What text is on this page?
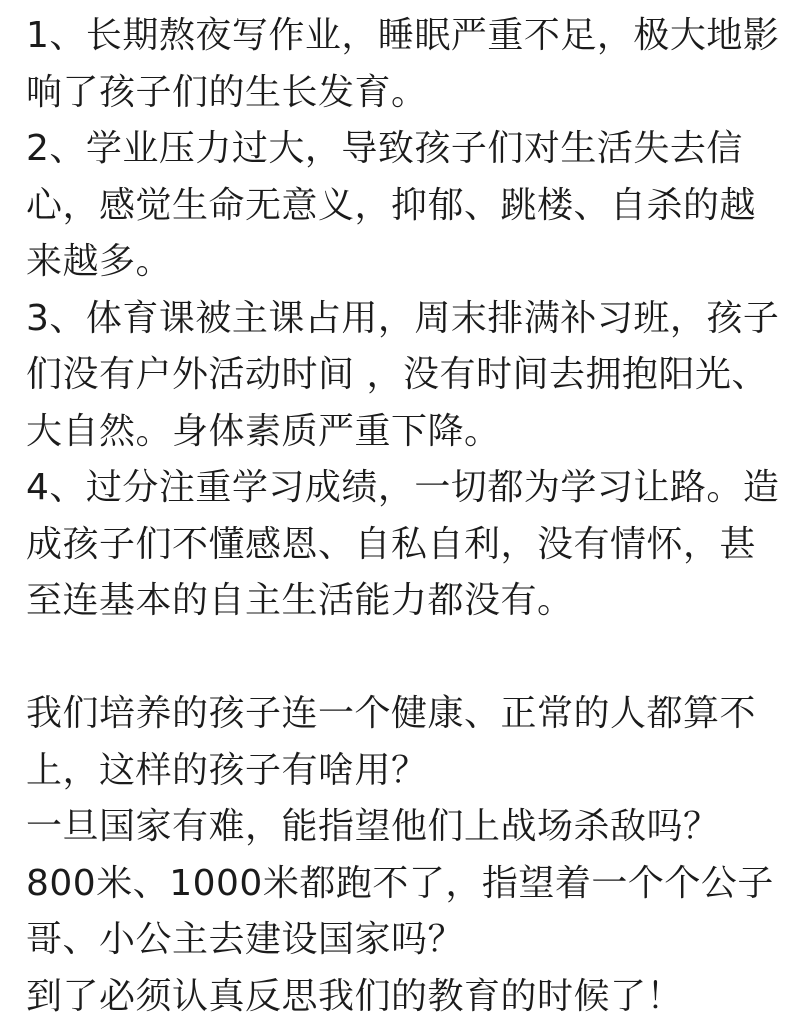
1、长期熬夜写作业，睡眠严重不足，极大地影
响了孩子们的生长发育。
2、学业压力过大，导致孩子们对生活失去信
心，感觉生命无意义，抑郁、跳楼、自杀的越
来越多。
3、体育课被主课占用，周末排满补习班，孩子
们没有户外活动时间 ，没有时间去拥抱阳光、
大自然。身体素质严重下降。
4、过分注重学习成绩，一切都为学习让路。造
成孩子们不懂感恩、自私自利，没有情怀，甚
至连基本的自主生活能力都没有。
我们培养的孩子连一个健康、正常的人都算不
上，这样的孩子有啥用？
一旦国家有难，能指望他们上战场杀敌吗？
800米、1000米都跑不了，指望着一个个公子
哥、小公主去建设国家吗？
到了必须认真反思我们的教育的时候了！
